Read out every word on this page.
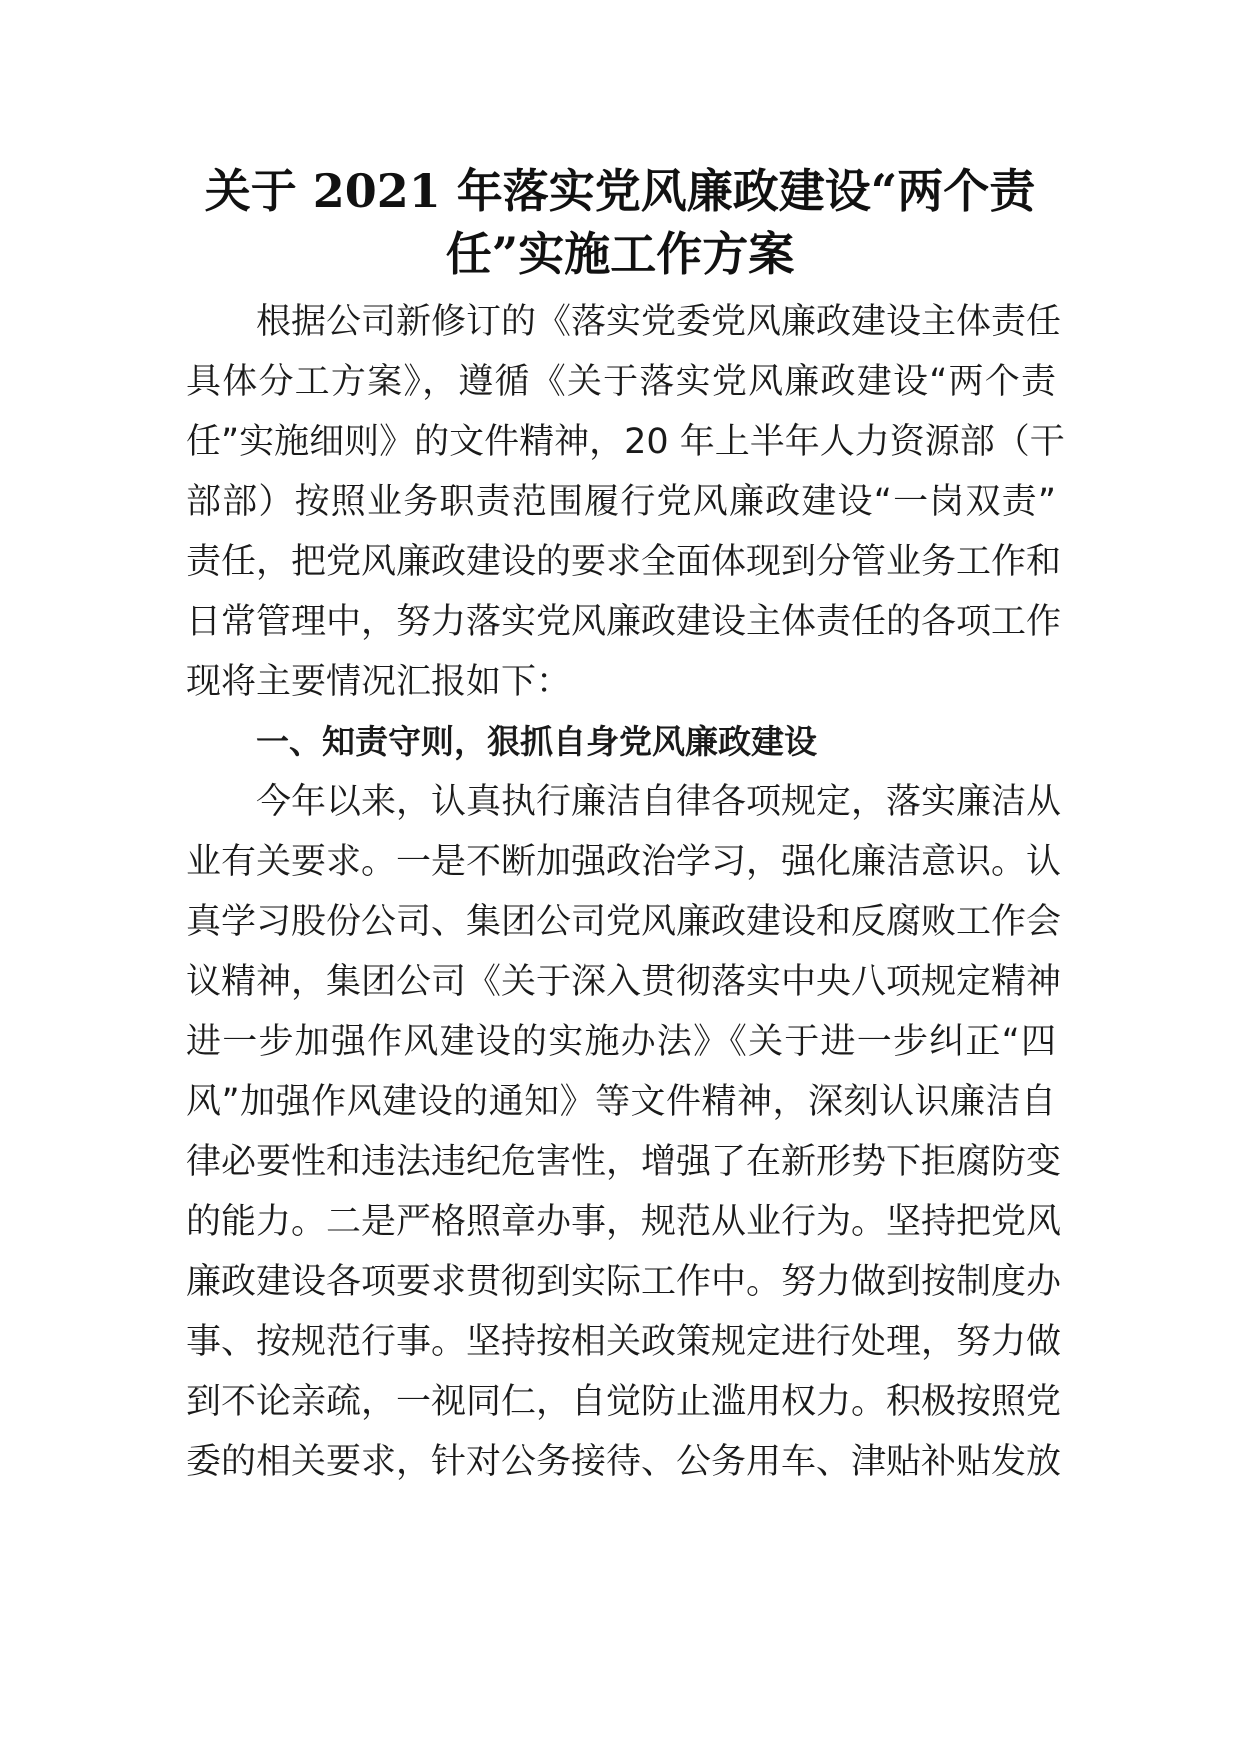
关于 2021 年落实党风廉政建设“两个责
任”实施工作方案
根据公司新修订的《落实党委党风廉政建设主体责任
具体分工方案》，遵循《关于落实党风廉政建设“两个责
任”实施细则》的文件精神，20 年上半年人力资源部（干
部部）按照业务职责范围履行党风廉政建设“一岗双责”
责任，把党风廉政建设的要求全面体现到分管业务工作和
日常管理中，努力落实党风廉政建设主体责任的各项工作
现将主要情况汇报如下：
一、知责守则，狠抓自身党风廉政建设
今年以来，认真执行廉洁自律各项规定，落实廉洁从
业有关要求。一是不断加强政治学习，强化廉洁意识。认
真学习股份公司、集团公司党风廉政建设和反腐败工作会
议精神，集团公司《关于深入贯彻落实中央八项规定精神
进一步加强作风建设的实施办法》《关于进一步纠正“四
风”加强作风建设的通知》等文件精神，深刻认识廉洁自
律必要性和违法违纪危害性，增强了在新形势下拒腐防变
的能力。二是严格照章办事，规范从业行为。坚持把党风
廉政建设各项要求贯彻到实际工作中。努力做到按制度办
事、按规范行事。坚持按相关政策规定进行处理，努力做
到不论亲疏，一视同仁，自觉防止滥用权力。积极按照党
委的相关要求，针对公务接待、公务用车、津贴补贴发放
